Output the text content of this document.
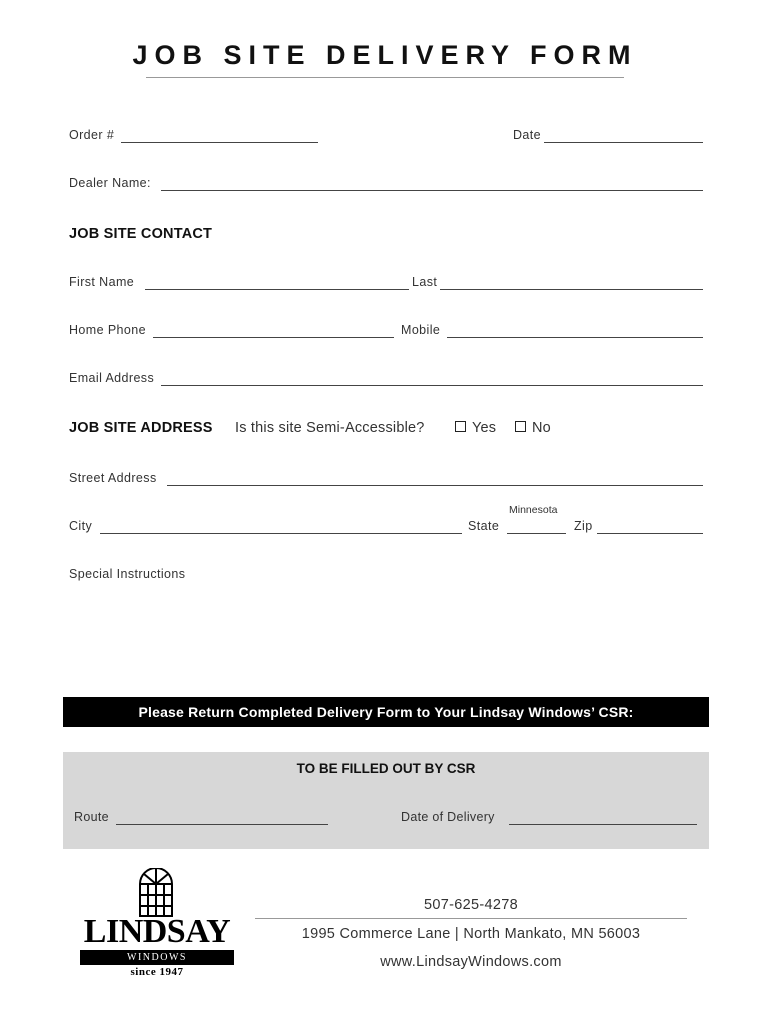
JOB SITE DELIVERY FORM
Order #	Date
Dealer Name:
JOB SITE CONTACT
First Name	Last
Home Phone	Mobile
Email Address
JOB SITE ADDRESS Is this site Semi-Accessible?	Yes	No
Street Address
Minnesota
City	State	Zip
Special Instructions
Please Return Completed Delivery Form to Your Lindsay Windows’ CSR:
TO BE FILLED OUT BY CSR
Route	Date of Delivery
LINDSAY
WINDOWS
since 1947
507-625-4278
1995 Commerce Lane | North Mankato, MN 56003
www.LindsayWindows.com
